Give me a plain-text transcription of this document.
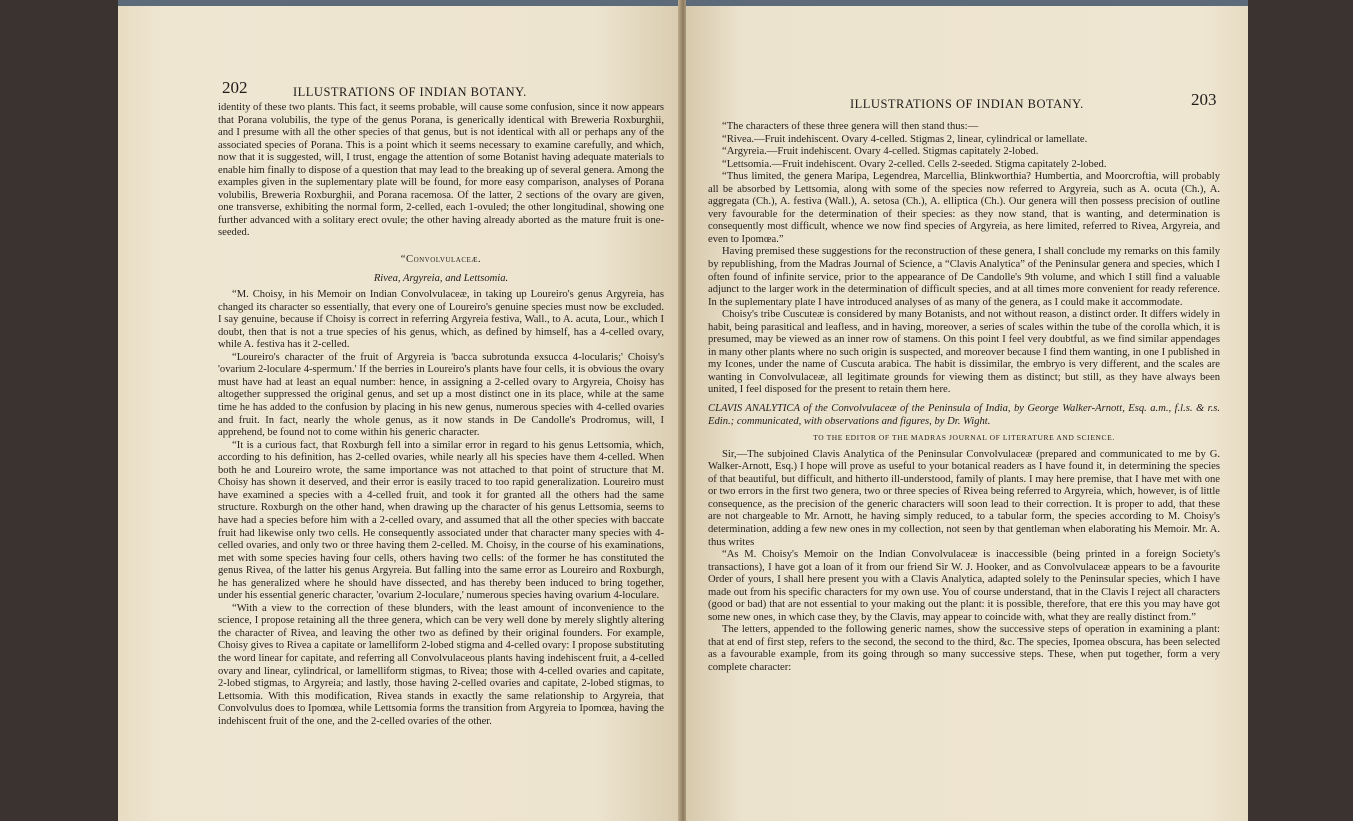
202	ILLUSTRATIONS OF INDIAN BOTANY.

identity of these two plants. This fact, it seems probable, will cause some confusion, since it now appears that Porana volubilis, the type of the genus Porana, is generically identical with Breweria Roxburghii, and I presume with all the other species of that genus, but is not identical with all or perhaps any of the associated species of Porana. This is a point which it seems necessary to examine carefully, and which, now that it is suggested, will, I trust, engage the attention of some Botanist having adequate materials to enable him finally to dispose of a question that may lead to the breaking up of several genera. Among the examples given in the suplementary plate will be found, for more easy comparison, analyses of Porana volubilis, Breweria Roxburghii, and Porana racemosa. Of the latter, 2 sections of the ovary are given, one transverse, exhibiting the normal form, 2-celled, each 1-ovuled; the other longitudinal, showing one further advanced with a solitary erect ovule; the other having already aborted as the mature fruit is one-seeded.

“Convolvulaceæ.

Rivea, Argyreia, and Lettsomia.

“M. Choisy, in his Memoir on Indian Convolvulaceæ, in taking up Loureiro's genus Argyreia, has changed its character so essentially, that every one of Loureiro's genuine species must now be excluded. I say genuine, because if Choisy is correct in referring Argyreia festiva, Wall., to A. acuta, Lour., which I doubt, then that is not a true species of his genus, which, as defined by himself, has a 4-celled ovary, while A. festiva has it 2-celled.

“Loureiro's character of the fruit of Argyreia is 'bacca subrotunda exsucca 4-locularis;' Choisy's 'ovarium 2-loculare 4-spermum.' If the berries in Loureiro's plants have four cells, it is obvious the ovary must have had at least an equal number: hence, in assigning a 2-celled ovary to Argyreia, Choisy has altogether suppressed the original genus, and set up a most distinct one in its place, while at the same time he has added to the confusion by placing in his new genus, numerous species with 4-celled ovaries and fruit. In fact, nearly the whole genus, as it now stands in De Candolle's Prodromus, will, I apprehend, be found not to come within his generic character.

“It is a curious fact, that Roxburgh fell into a similar error in regard to his genus Lettsomia, which, according to his definition, has 2-celled ovaries, while nearly all his species have them 4-celled. When both he and Loureiro wrote, the same importance was not attached to that point of structure that M. Choisy has shown it deserved, and their error is easily traced to too rapid generalization. Loureiro must have examined a species with a 4-celled fruit, and took it for granted all the others had the same structure. Roxburgh on the other hand, when drawing up the character of his genus Lettsomia, seems to have had a species before him with a 2-celled ovary, and assumed that all the other species with baccate fruit had likewise only two cells. He consequently associated under that character many species with 4-celled ovaries, and only two or three having them 2-celled. M. Choisy, in the course of his examinations, met with some species having four cells, others having two cells: of the former he has constituted the genus Rivea, of the latter his genus Argyreia. But falling into the same error as Loureiro and Roxburgh, he has generalized where he should have dissected, and has thereby been induced to bring together, under his essential generic character, 'ovarium 2-loculare,' numerous species having ovarium 4-loculare.

“With a view to the correction of these blunders, with the least amount of inconvenience to the science, I propose retaining all the three genera, which can be very well done by merely slightly altering the character of Rivea, and leaving the other two as defined by their original founders. For example, Choisy gives to Rivea a capitate or lamelliform 2-lobed stigma and 4-celled ovary: I propose substituting the word linear for capitate, and referring all Convolvulaceous plants having indehiscent fruit, a 4-celled ovary and linear, cylindrical, or lamelliform stigmas, to Rivea; those with 4-celled ovaries and capitate, 2-lobed stigmas, to Argyreia; and lastly, those having 2-celled ovaries and capitate, 2-lobed stigmas, to Lettsomia. With this modification, Rivea stands in exactly the same relationship to Argyreia, that Convolvulus does to Ipomœa, while Lettsomia forms the transition from Argyreia to Ipomœa, having the indehiscent fruit of the one, and the 2-celled ovaries of the other.

ILLUSTRATIONS OF INDIAN BOTANY.	203

“The characters of these three genera will then stand thus:—

“Rivea.—Fruit indehiscent. Ovary 4-celled. Stigmas 2, linear, cylindrical or lamellate.

“Argyreia.—Fruit indehiscent. Ovary 4-celled. Stigmas capitately 2-lobed.

“Lettsomia.—Fruit indehiscent. Ovary 2-celled. Cells 2-seeded. Stigma capitately 2-lobed.

“Thus limited, the genera Maripa, Legendrea, Marcellia, Blinkworthia? Humbertia, and Moorcroftia, will probably all be absorbed by Lettsomia, along with some of the species now referred to Argyreia, such as A. ocuta (Ch.), A. aggregata (Ch.), A. festiva (Wall.), A. setosa (Ch.), A. elliptica (Ch.). Our genera will then possess precision of outline very favourable for the determination of their species: as they now stand, that is wanting, and determination is consequently most difficult, whence we now find species of Argyreia, as here limited, referred to Rivea, Argyreia, and even to Ipomœa.”

Having premised these suggestions for the reconstruction of these genera, I shall conclude my remarks on this family by republishing, from the Madras Journal of Science, a “Clavis Analytica” of the Peninsular genera and species, which I often found of infinite service, prior to the appearance of De Candolle's 9th volume, and which I still find a valuable adjunct to the larger work in the determination of difficult species, and at all times more convenient for ready reference. In the suplementary plate I have introduced analyses of as many of the genera, as I could make it accommodate.

Choisy's tribe Cuscuteæ is considered by many Botanists, and not without reason, a distinct order. It differs widely in habit, being parasitical and leafless, and in having, moreover, a series of scales within the tube of the corolla which, it is presumed, may be viewed as an inner row of stamens. On this point I feel very doubtful, as we find similar appendages in many other plants where no such origin is suspected, and moreover because I find them wanting, in one I published in my Icones, under the name of Cuscuta arabica. The habit is dissimilar, the embryo is very different, and the scales are wanting in Convolvulaceæ, all legitimate grounds for viewing them as distinct; but still, as they have always been united, I feel disposed for the present to retain them here.

CLAVIS ANALYTICA of the Convolvulaceæ of the Peninsula of India, by George Walker-Arnott, Esq. a.m., f.l.s. & r.s. Edin.; communicated, with observations and figures, by Dr. Wight.

TO THE EDITOR OF THE MADRAS JOURNAL OF LITERATURE AND SCIENCE.

Sir,—The subjoined Clavis Analytica of the Peninsular Convolvulaceæ (prepared and communicated to me by G. Walker-Arnott, Esq.) I hope will prove as useful to your botanical readers as I have found it, in determining the species of that beautiful, but difficult, and hitherto ill-understood, family of plants. I may here premise, that I have met with one or two errors in the first two genera, two or three species of Rivea being referred to Argyreia, which, however, is of little consequence, as the precision of the generic characters will soon lead to their correction. It is proper to add, that these are not chargeable to Mr. Arnott, he having simply reduced, to a tabular form, the species according to M. Choisy's determination, adding a few new ones in my collection, not seen by that gentleman when elaborating his Memoir. Mr. A. thus writes

“As M. Choisy's Memoir on the Indian Convolvulaceæ is inaccessible (being printed in a foreign Society's transactions), I have got a loan of it from our friend Sir W. J. Hooker, and as Convolvulaceæ appears to be a favourite Order of yours, I shall here present you with a Clavis Analytica, adapted solely to the Peninsular species, which I have made out from his specific characters for my own use. You of course understand, that in the Clavis I reject all characters (good or bad) that are not essential to your making out the plant: it is possible, therefore, that ere this you may have got some new ones, in which case they, by the Clavis, may appear to coincide with, what they are really distinct from.”

The letters, appended to the following generic names, show the successive steps of operation in examining a plant: that at end of first step, refers to the second, the second to the third, &c. The species, Ipomea obscura, has been selected as a favourable example, from its going through so many successive steps. These, when put together, form a very complete character:
